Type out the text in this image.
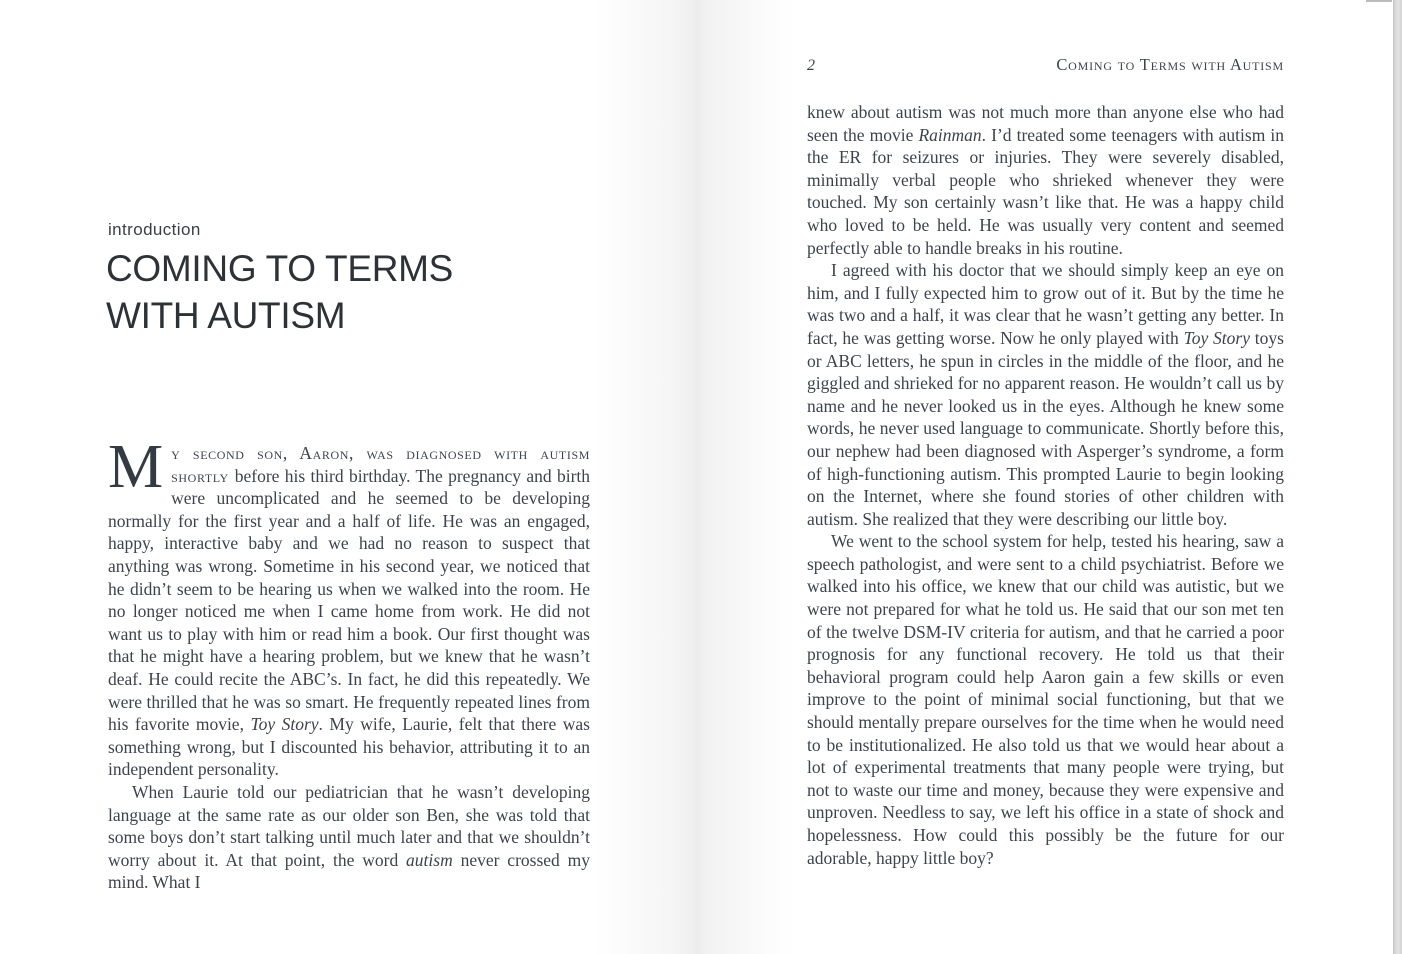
introduction
COMING TO TERMS
WITH AUTISM

My second son, Aaron, was diagnosed with autism shortly before his third birthday. The pregnancy and birth were uncomplicated and he seemed to be developing normally for the first year and a half of life. He was an engaged, happy, interactive baby and we had no reason to suspect that anything was wrong. Sometime in his second year, we noticed that he didn’t seem to be hearing us when we walked into the room. He no longer noticed me when I came home from work. He did not want us to play with him or read him a book. Our first thought was that he might have a hearing problem, but we knew that he wasn’t deaf. He could recite the ABC’s. In fact, he did this repeatedly. We were thrilled that he was so smart. He frequently repeated lines from his favorite movie, Toy Story. My wife, Laurie, felt that there was something wrong, but I discounted his behavior, attributing it to an independent personality.

When Laurie told our pediatrician that he wasn’t developing language at the same rate as our older son Ben, she was told that some boys don’t start talking until much later and that we shouldn’t worry about it. At that point, the word autism never crossed my mind. What I

2	Coming to Terms with Autism

knew about autism was not much more than anyone else who had seen the movie Rainman. I’d treated some teenagers with autism in the ER for seizures or injuries. They were severely disabled, minimally verbal people who shrieked whenever they were touched. My son certainly wasn’t like that. He was a happy child who loved to be held. He was usually very content and seemed perfectly able to handle breaks in his routine.

I agreed with his doctor that we should simply keep an eye on him, and I fully expected him to grow out of it. But by the time he was two and a half, it was clear that he wasn’t getting any better. In fact, he was getting worse. Now he only played with Toy Story toys or ABC letters, he spun in circles in the middle of the floor, and he giggled and shrieked for no apparent reason. He wouldn’t call us by name and he never looked us in the eyes. Although he knew some words, he never used language to communicate. Shortly before this, our nephew had been diagnosed with Asperger’s syndrome, a form of high-functioning autism. This prompted Laurie to begin looking on the Internet, where she found stories of other children with autism. She realized that they were describing our little boy.

We went to the school system for help, tested his hearing, saw a speech pathologist, and were sent to a child psychiatrist. Before we walked into his office, we knew that our child was autistic, but we were not prepared for what he told us. He said that our son met ten of the twelve DSM-IV criteria for autism, and that he carried a poor prognosis for any functional recovery. He told us that their behavioral program could help Aaron gain a few skills or even improve to the point of minimal social functioning, but that we should mentally prepare ourselves for the time when he would need to be institutionalized. He also told us that we would hear about a lot of experimental treatments that many people were trying, but not to waste our time and money, because they were expensive and unproven. Needless to say, we left his office in a state of shock and hopelessness. How could this possibly be the future for our adorable, happy little boy?
